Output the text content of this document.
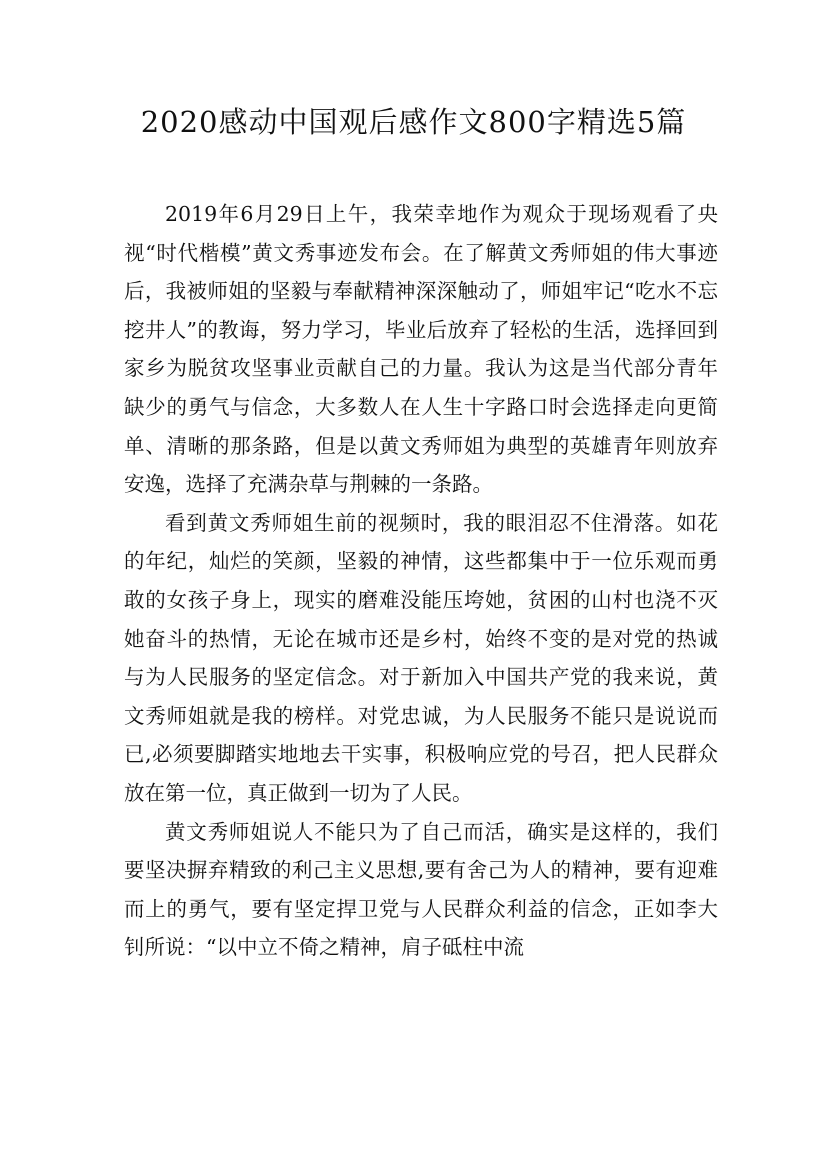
2020感动中国观后感作文800字精选5篇

2019年6月29日上午，我荣幸地作为观众于现场观看了央视“时代楷模”黄文秀事迹发布会。在了解黄文秀师姐的伟大事迹后，我被师姐的坚毅与奉献精神深深触动了，师姐牢记“吃水不忘挖井人”的教诲，努力学习，毕业后放弃了轻松的生活，选择回到家乡为脱贫攻坚事业贡献自己的力量。我认为这是当代部分青年缺少的勇气与信念，大多数人在人生十字路口时会选择走向更简单、清晰的那条路，但是以黄文秀师姐为典型的英雄青年则放弃安逸，选择了充满杂草与荆棘的一条路。

看到黄文秀师姐生前的视频时，我的眼泪忍不住滑落。如花的年纪，灿烂的笑颜，坚毅的神情，这些都集中于一位乐观而勇敢的女孩子身上，现实的磨难没能压垮她，贫困的山村也浇不灭她奋斗的热情，无论在城市还是乡村，始终不变的是对党的热诚与为人民服务的坚定信念。对于新加入中国共产党的我来说，黄文秀师姐就是我的榜样。对党忠诚，为人民服务不能只是说说而已,必须要脚踏实地地去干实事，积极响应党的号召，把人民群众放在第一位，真正做到一切为了人民。

黄文秀师姐说人不能只为了自己而活，确实是这样的，我们要坚决摒弃精致的利己主义思想,要有舍己为人的精神，要有迎难而上的勇气，要有坚定捍卫党与人民群众利益的信念，正如李大钊所说：“以中立不倚之精神，肩子砥柱中流
